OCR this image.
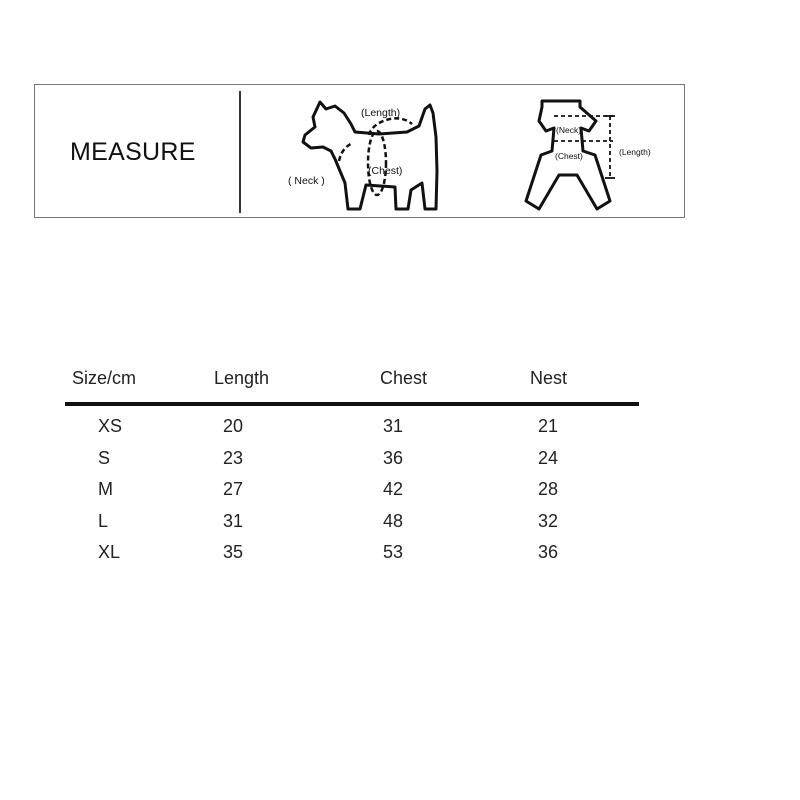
MEASURE
(Length)
(Chest)
( Neck )
(Neck)
(Chest)	(Length)
Size/cm	Length	Chest	Nest
XS	20	31	21
S	23	36	24
M	27	42	28
L	31	48	32
XL	35	53	36
